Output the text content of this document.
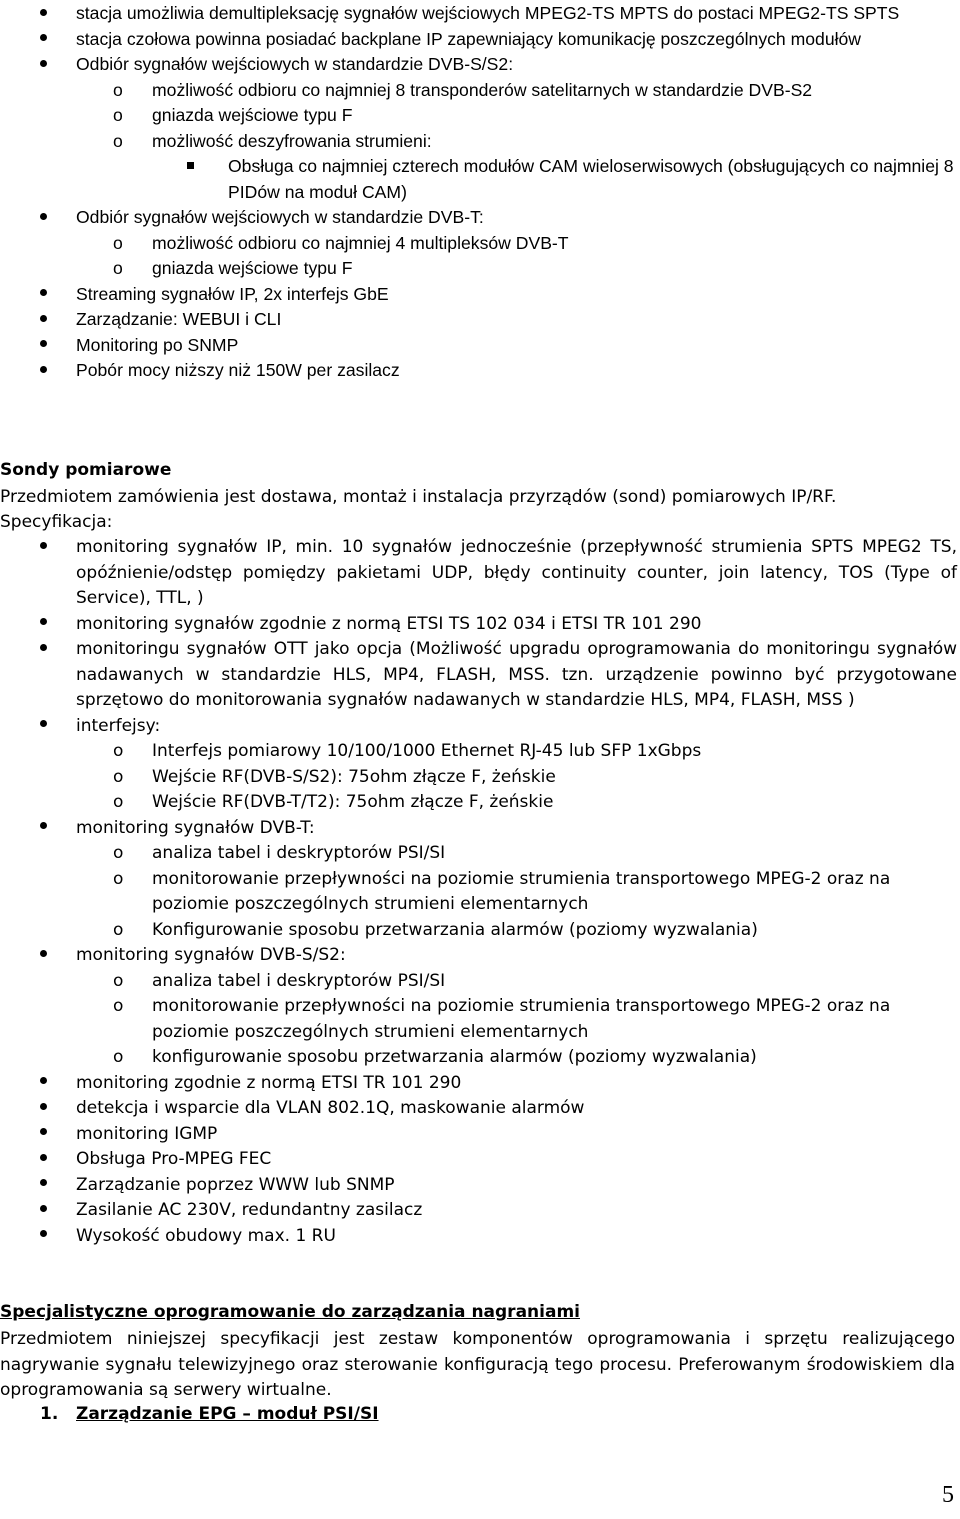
stacja umożliwia demultipleksację sygnałów wejściowych MPEG2-TS MPTS do postaci MPEG2-TS SPTS
stacja czołowa powinna posiadać backplane IP zapewniający komunikację poszczególnych modułów
Odbiór sygnałów wejściowych w standardzie DVB-S/S2:
o możliwość odbioru co najmniej 8 transponderów satelitarnych w standardzie DVB-S2
o gniazda wejściowe typu F
o możliwość deszyfrowania strumieni:
Obsługa co najmniej czterech modułów CAM wieloserwisowych (obsługujących co najmniej 8 PIDów na moduł CAM)
Odbiór sygnałów wejściowych w standardzie DVB-T:
o możliwość odbioru co najmniej 4 multipleksów DVB-T
o gniazda wejściowe typu F
Streaming sygnałów IP, 2x interfejs GbE
Zarządzanie: WEBUI i CLI
Monitoring po SNMP
Pobór mocy niższy niż 150W per zasilacz

Sondy pomiarowe

Przedmiotem zamówienia jest dostawa, montaż i instalacja przyrządów (sond) pomiarowych IP/RF.

Specyfikacja:

monitoring sygnałów IP, min. 10 sygnałów jednocześnie (przepływność strumienia SPTS MPEG2 TS, opóźnienie/odstęp pomiędzy pakietami UDP, błędy continuity counter, join latency, TOS (Type of Service), TTL, )
monitoring sygnałów zgodnie z normą ETSI TS 102 034 i ETSI TR 101 290
monitoringu sygnałów OTT jako opcja (Możliwość upgradu oprogramowania do monitoringu sygnałów nadawanych w standardzie HLS, MP4, FLASH, MSS. tzn. urządzenie powinno być przygotowane sprzętowo do monitorowania sygnałów nadawanych w standardzie HLS, MP4, FLASH, MSS )
interfejsy:
o Interfejs pomiarowy 10/100/1000 Ethernet RJ-45 lub SFP 1xGbps
o Wejście RF(DVB-S/S2): 75ohm złącze F, żeńskie
o Wejście RF(DVB-T/T2): 75ohm złącze F, żeńskie
monitoring sygnałów DVB-T:
o analiza tabel i deskryptorów PSI/SI
o monitorowanie przepływności na poziomie strumienia transportowego MPEG-2 oraz na poziomie poszczególnych strumieni elementarnych
o Konfigurowanie sposobu przetwarzania alarmów (poziomy wyzwalania)
monitoring sygnałów DVB-S/S2:
o analiza tabel i deskryptorów PSI/SI
o monitorowanie przepływności na poziomie strumienia transportowego MPEG-2 oraz na poziomie poszczególnych strumieni elementarnych
o konfigurowanie sposobu przetwarzania alarmów (poziomy wyzwalania)
monitoring zgodnie z normą ETSI TR 101 290
detekcja i wsparcie dla VLAN 802.1Q, maskowanie alarmów
monitoring IGMP
Obsługa Pro-MPEG FEC
Zarządzanie poprzez WWW lub SNMP
Zasilanie AC 230V, redundantny zasilacz
Wysokość obudowy max. 1 RU

Specjalistyczne oprogramowanie do zarządzania nagraniami

Przedmiotem niniejszej specyfikacji jest zestaw komponentów oprogramowania i sprzętu realizującego nagrywanie sygnału telewizyjnego oraz sterowanie konfiguracją tego procesu. Preferowanym środowiskiem dla oprogramowania są serwery wirtualne.

1. Zarządzanie EPG – moduł PSI/SI
5
